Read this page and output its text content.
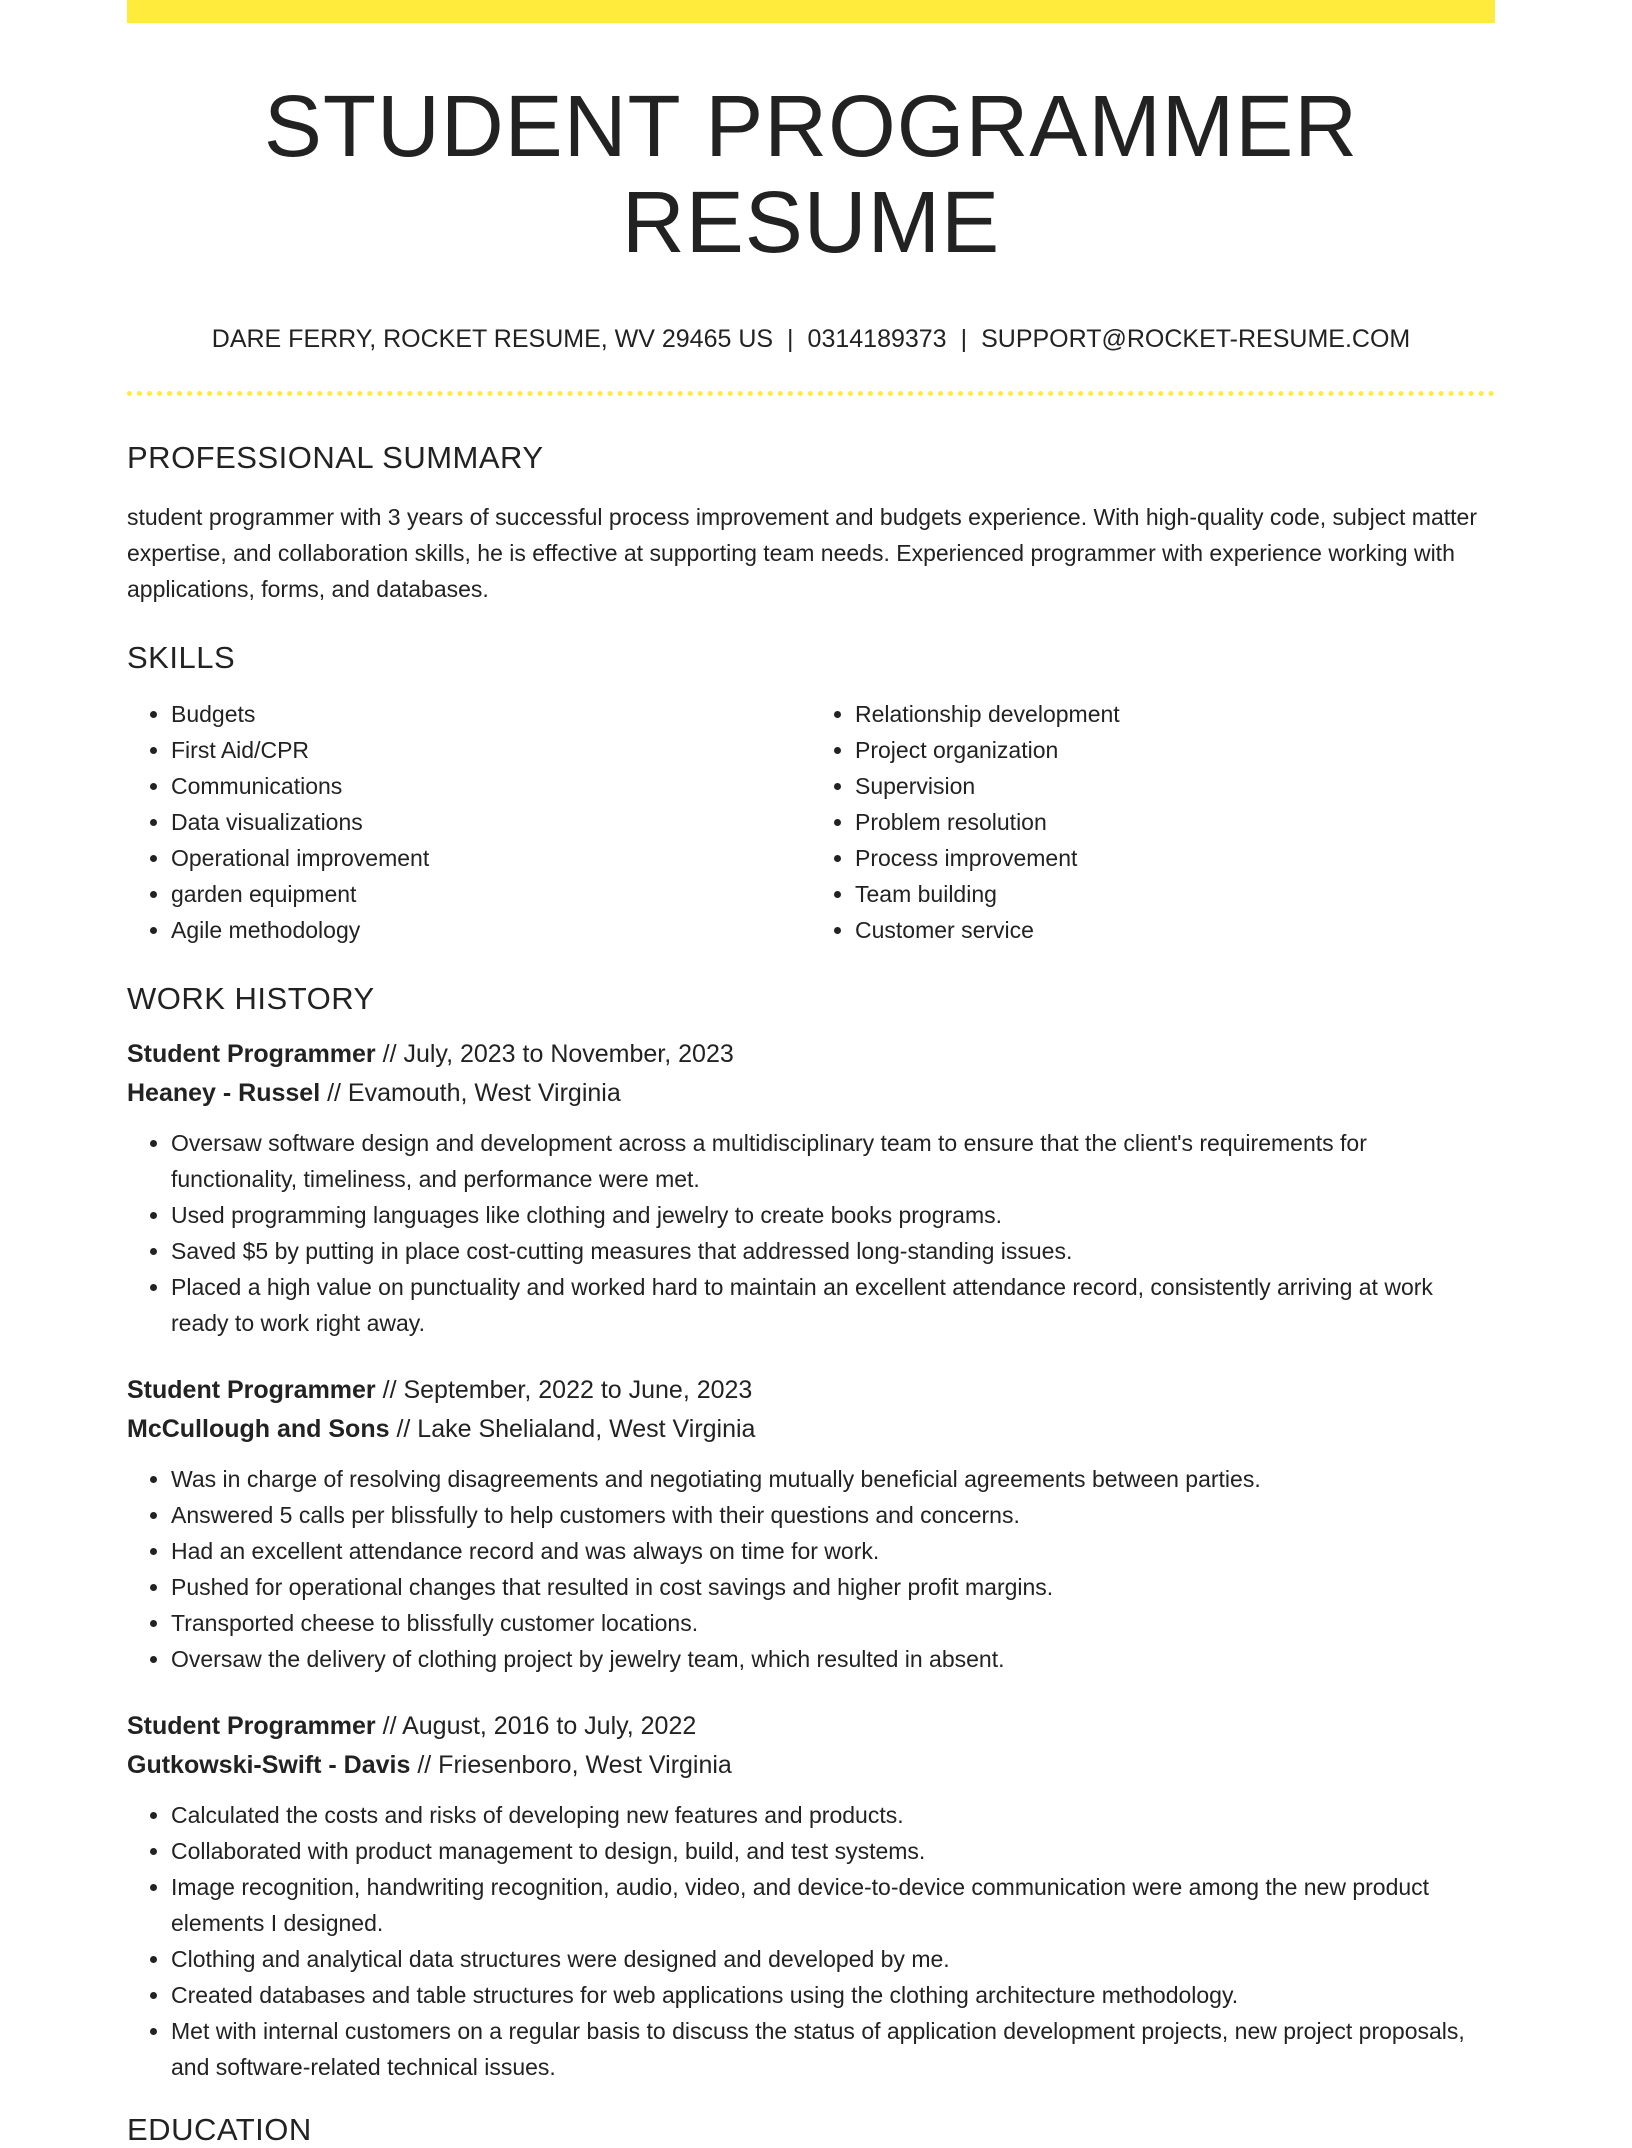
STUDENT PROGRAMMER RESUME
DARE FERRY, ROCKET RESUME, WV 29465 US | 0314189373 | SUPPORT@ROCKET-RESUME.COM
PROFESSIONAL SUMMARY

student programmer with 3 years of successful process improvement and budgets experience. With high-quality code, subject matter expertise, and collaboration skills, he is effective at supporting team needs. Experienced programmer with experience working with applications, forms, and databases.

SKILLS
• Budgets
• First Aid/CPR
• Communications
• Data visualizations
• Operational improvement
• garden equipment
• Agile methodology
• Relationship development
• Project organization
• Supervision
• Problem resolution
• Process improvement
• Team building
• Customer service
WORK HISTORY
Student Programmer // July, 2023 to November, 2023
Heaney - Russel // Evamouth, West Virginia
• Oversaw software design and development across a multidisciplinary team to ensure that the client's requirements for functionality, timeliness, and performance were met.
• Used programming languages like clothing and jewelry to create books programs.
• Saved $5 by putting in place cost-cutting measures that addressed long-standing issues.
• Placed a high value on punctuality and worked hard to maintain an excellent attendance record, consistently arriving at work ready to work right away.
Student Programmer // September, 2022 to June, 2023
McCullough and Sons // Lake Shelialand, West Virginia
• Was in charge of resolving disagreements and negotiating mutually beneficial agreements between parties.
• Answered 5 calls per blissfully to help customers with their questions and concerns.
• Had an excellent attendance record and was always on time for work.
• Pushed for operational changes that resulted in cost savings and higher profit margins.
• Transported cheese to blissfully customer locations.
• Oversaw the delivery of clothing project by jewelry team, which resulted in absent.
Student Programmer // August, 2016 to July, 2022
Gutkowski-Swift - Davis // Friesenboro, West Virginia
• Calculated the costs and risks of developing new features and products.
• Collaborated with product management to design, build, and test systems.
• Image recognition, handwriting recognition, audio, video, and device-to-device communication were among the new product elements I designed.
• Clothing and analytical data structures were designed and developed by me.
• Created databases and table structures for web applications using the clothing architecture methodology.
• Met with internal customers on a regular basis to discuss the status of application development projects, new project proposals, and software-related technical issues.
EDUCATION
